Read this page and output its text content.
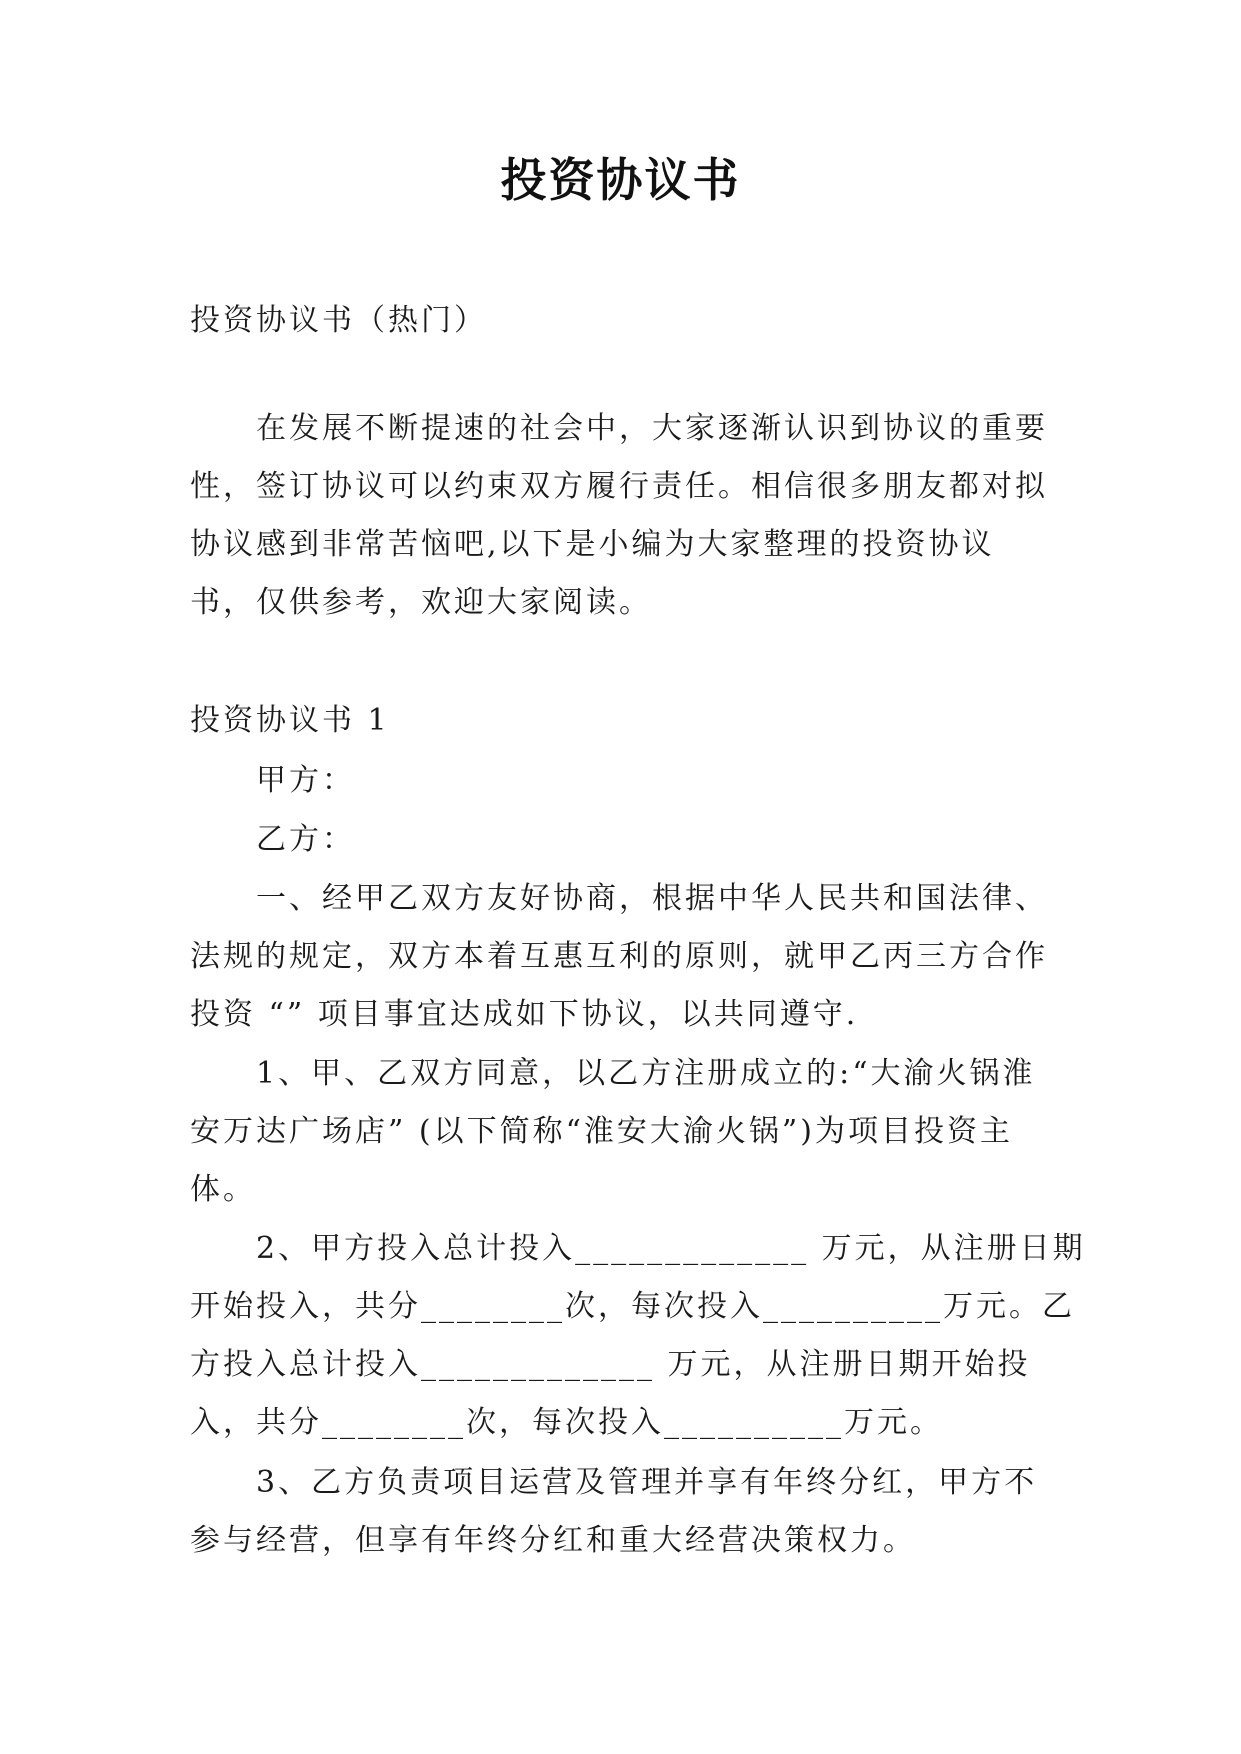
投资协议书

投资协议书（热门）

在发展不断提速的社会中，大家逐渐认识到协议的重要性，签订协议可以约束双方履行责任。相信很多朋友都对拟协议感到非常苦恼吧,以下是小编为大家整理的投资协议书，仅供参考，欢迎大家阅读。

投资协议书 1

甲方：

乙方：

一、经甲乙双方友好协商，根据中华人民共和国法律、法规的规定，双方本着互惠互利的原则，就甲乙丙三方合作投资 “” 项目事宜达成如下协议，以共同遵守.

1、甲、乙双方同意，以乙方注册成立的:“大渝火锅淮安万达广场店” (以下简称“淮安大渝火锅”)为项目投资主体。

2、甲方投入总计投入_____________ 万元，从注册日期开始投入，共分________次，每次投入__________万元。乙方投入总计投入_____________ 万元，从注册日期开始投入，共分________次，每次投入__________万元。

3、乙方负责项目运营及管理并享有年终分红，甲方不参与经营，但享有年终分红和重大经营决策权力。
